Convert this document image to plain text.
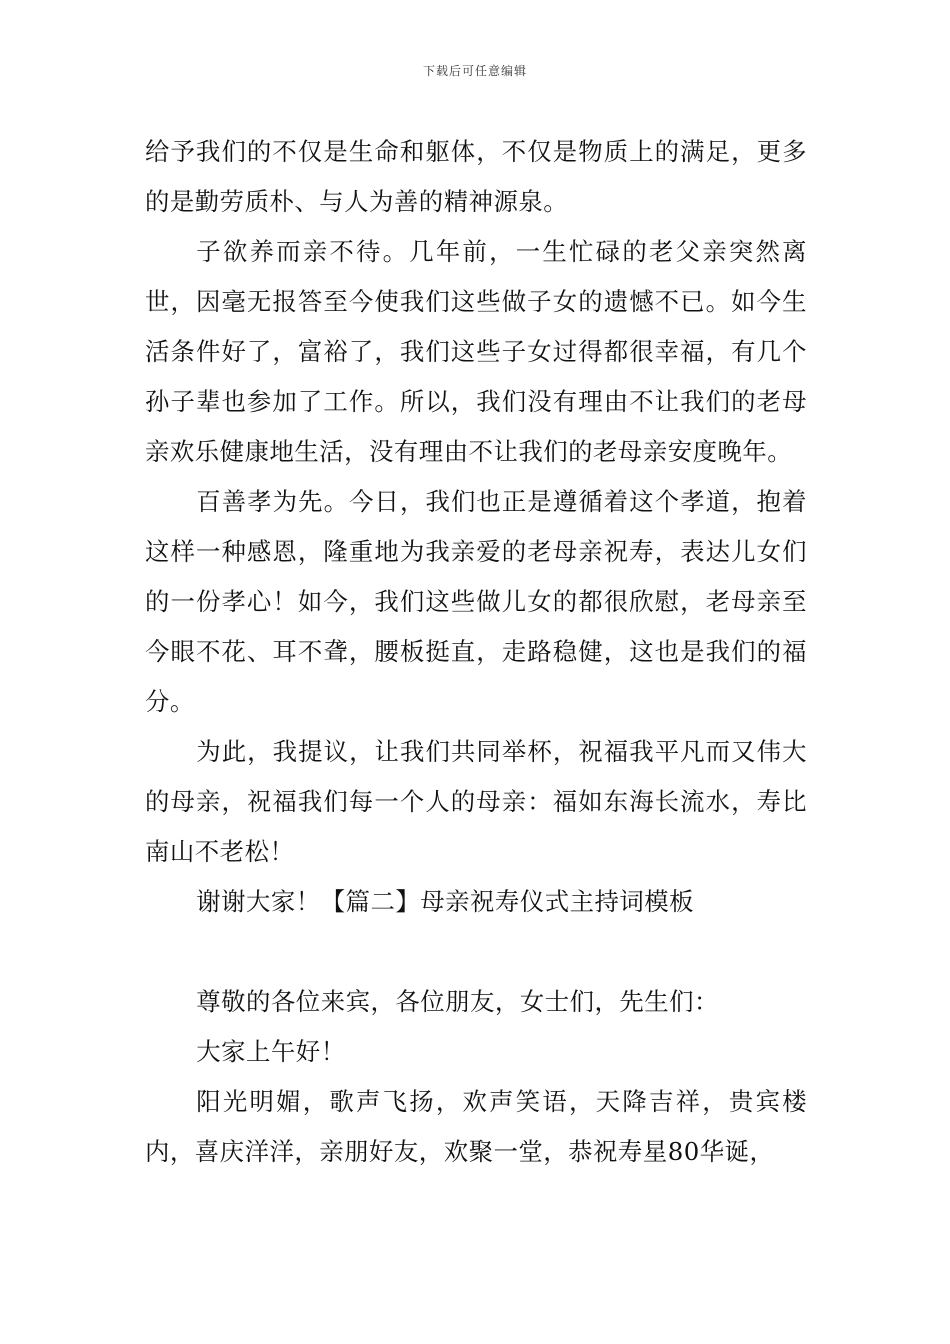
下载后可任意编辑

给予我们的不仅是生命和躯体，不仅是物质上的满足，更多的是勤劳质朴、与人为善的精神源泉。

子欲养而亲不待。几年前，一生忙碌的老父亲突然离世，因毫无报答至今使我们这些做子女的遗憾不已。如今生活条件好了，富裕了，我们这些子女过得都很幸福，有几个孙子辈也参加了工作。所以，我们没有理由不让我们的老母亲欢乐健康地生活，没有理由不让我们的老母亲安度晚年。

百善孝为先。今日，我们也正是遵循着这个孝道，抱着这样一种感恩，隆重地为我亲爱的老母亲祝寿，表达儿女们的一份孝心！如今，我们这些做儿女的都很欣慰，老母亲至今眼不花、耳不聋，腰板挺直，走路稳健，这也是我们的福分。

为此，我提议，让我们共同举杯，祝福我平凡而又伟大的母亲，祝福我们每一个人的母亲：福如东海长流水，寿比南山不老松！

谢谢大家！【篇二】母亲祝寿仪式主持词模板

尊敬的各位来宾，各位朋友，女士们，先生们：

大家上午好！

阳光明媚，歌声飞扬，欢声笑语，天降吉祥，贵宾楼内，喜庆洋洋，亲朋好友，欢聚一堂，恭祝寿星80华诞，
